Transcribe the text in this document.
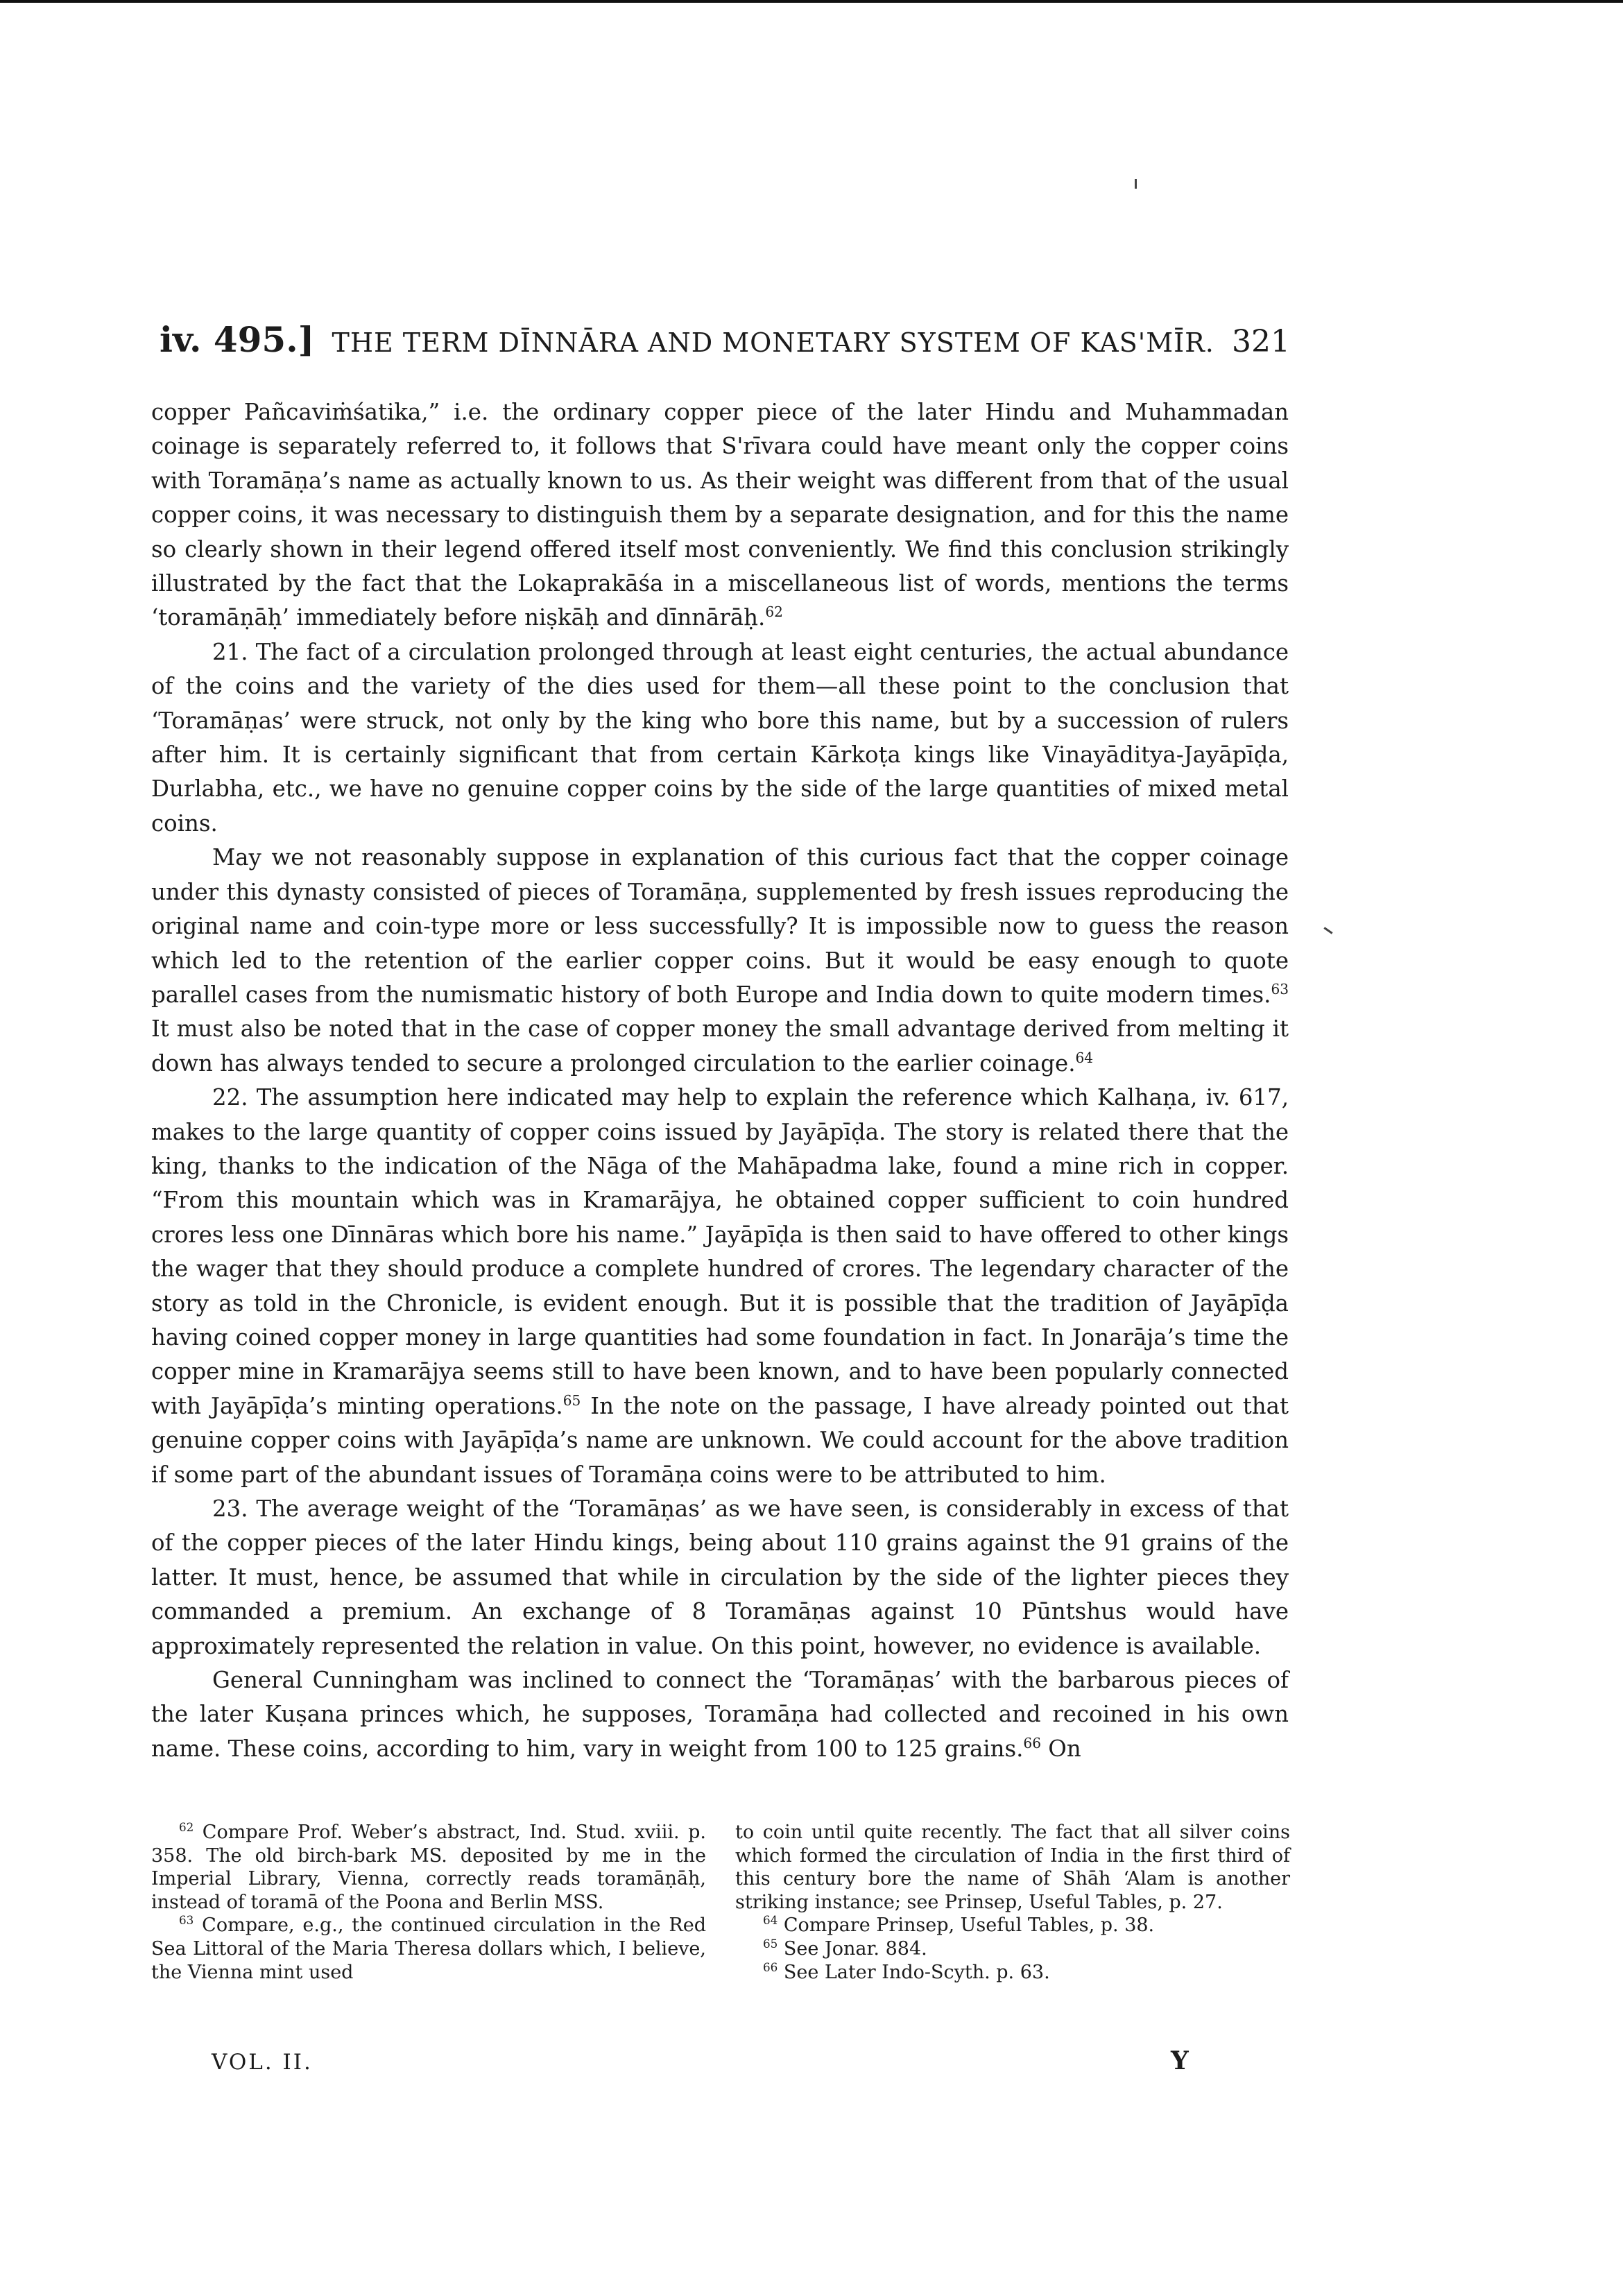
iv. 495.] THE TERM DĪNNĀRA AND MONETARY SYSTEM OF KAS'MĪR. 321

copper Pañcaviṁśatika,” i.e. the ordinary copper piece of the later Hindu and Muhammadan coinage is separately referred to, it follows that S'rīvara could have meant only the copper coins with Toramāṇa’s name as actually known to us. As their weight was different from that of the usual copper coins, it was necessary to distinguish them by a separate designation, and for this the name so clearly shown in their legend offered itself most conveniently. We find this conclusion strikingly illustrated by the fact that the Lokaprakāśa in a miscellaneous list of words, mentions the terms ‘toramāṇāḥ’ immediately before niṣkāḥ and dīnnārāḥ.$^{62}$

21. The fact of a circulation prolonged through at least eight centuries, the actual abundance of the coins and the variety of the dies used for them—all these point to the conclusion that ‘Toramāṇas’ were struck, not only by the king who bore this name, but by a succession of rulers after him. It is certainly significant that from certain Kārkoṭa kings like Vinayāditya-Jayāpīḍa, Durlabha, etc., we have no genuine copper coins by the side of the large quantities of mixed metal coins.

May we not reasonably suppose in explanation of this curious fact that the copper coinage under this dynasty consisted of pieces of Toramāṇa, supplemented by fresh issues reproducing the original name and coin-type more or less successfully? It is impossible now to guess the reason which led to the retention of the earlier copper coins. But it would be easy enough to quote parallel cases from the numismatic history of both Europe and India down to quite modern times.$^{63}$ It must also be noted that in the case of copper money the small advantage derived from melting it down has always tended to secure a prolonged circulation to the earlier coinage.$^{64}$

22. The assumption here indicated may help to explain the reference which Kalhaṇa, iv. 617, makes to the large quantity of copper coins issued by Jayāpīḍa. The story is related there that the king, thanks to the indication of the Nāga of the Mahāpadma lake, found a mine rich in copper. “From this mountain which was in Kramarājya, he obtained copper sufficient to coin hundred crores less one Dīnnāras which bore his name.” Jayāpīḍa is then said to have offered to other kings the wager that they should produce a complete hundred of crores. The legendary character of the story as told in the Chronicle, is evident enough. But it is possible that the tradition of Jayāpīḍa having coined copper money in large quantities had some foundation in fact. In Jonarāja’s time the copper mine in Kramarājya seems still to have been known, and to have been popularly connected with Jayāpīḍa’s minting operations.$^{65}$ In the note on the passage, I have already pointed out that genuine copper coins with Jayāpīḍa’s name are unknown. We could account for the above tradition if some part of the abundant issues of Toramāṇa coins were to be attributed to him.

23. The average weight of the ‘Toramāṇas’ as we have seen, is considerably in excess of that of the copper pieces of the later Hindu kings, being about 110 grains against the 91 grains of the latter. It must, hence, be assumed that while in circulation by the side of the lighter pieces they commanded a premium. An exchange of 8 Toramāṇas against 10 Pūntshus would have approximately represented the relation in value. On this point, however, no evidence is available.

General Cunningham was inclined to connect the ‘Toramāṇas’ with the barbarous pieces of the later Kuṣana princes which, he supposes, Toramāṇa had collected and recoined in his own name. These coins, according to him, vary in weight from 100 to 125 grains.$^{66}$ On

$^{62}$ Compare Prof. Weber’s abstract, Ind. Stud. xviii. p. 358. The old birch-bark MS. deposited by me in the Imperial Library, Vienna, correctly reads toramāṇāḥ, instead of toramā of the Poona and Berlin MSS.

$^{63}$ Compare, e.g., the continued circulation in the Red Sea Littoral of the Maria Theresa dollars which, I believe, the Vienna mint used

to coin until quite recently. The fact that all silver coins which formed the circulation of India in the first third of this century bore the name of Shāh ‘Alam is another striking instance; see Prinsep, Useful Tables, p. 27.

$^{64}$ Compare Prinsep, Useful Tables, p. 38.

$^{65}$ See Jonar. 884.

$^{66}$ See Later Indo-Scyth. p. 63.

VOL. II.	Y
